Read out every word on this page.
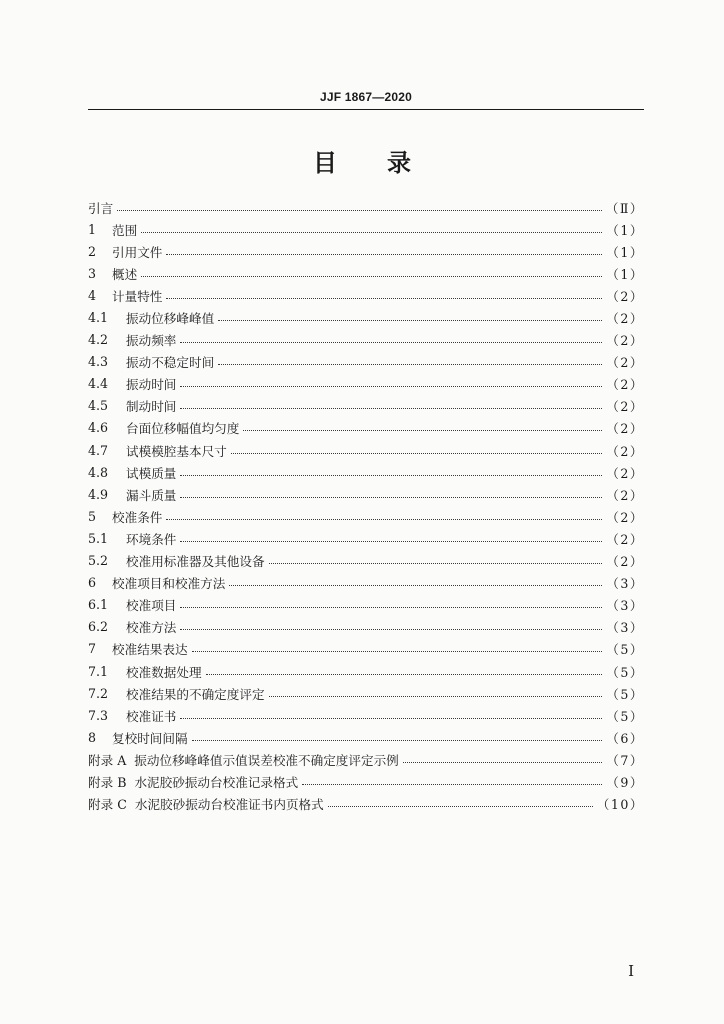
JJF 1867—2020
目录
引言	（Ⅱ）
1	范围	（1）
2	引用文件	（1）
3	概述	（1）
4	计量特性	（2）
4.1	振动位移峰峰值	（2）
4.2	振动频率	（2）
4.3	振动不稳定时间	（2）
4.4	振动时间	（2）
4.5	制动时间	（2）
4.6	台面位移幅值均匀度	（2）
4.7	试模模腔基本尺寸	（2）
4.8	试模质量	（2）
4.9	漏斗质量	（2）
5	校准条件	（2）
5.1	环境条件	（2）
5.2	校准用标准器及其他设备	（2）
6	校准项目和校准方法	（3）
6.1	校准项目	（3）
6.2	校准方法	（3）
7	校准结果表达	（5）
7.1	校准数据处理	（5）
7.2	校准结果的不确定度评定	（5）
7.3	校准证书	（5）
8	复校时间间隔	（6）
附录 A 振动位移峰峰值示值误差校准不确定度评定示例	（7）
附录 B 水泥胶砂振动台校准记录格式	（9）
附录 C 水泥胶砂振动台校准证书内页格式	（10）
Ⅰ
